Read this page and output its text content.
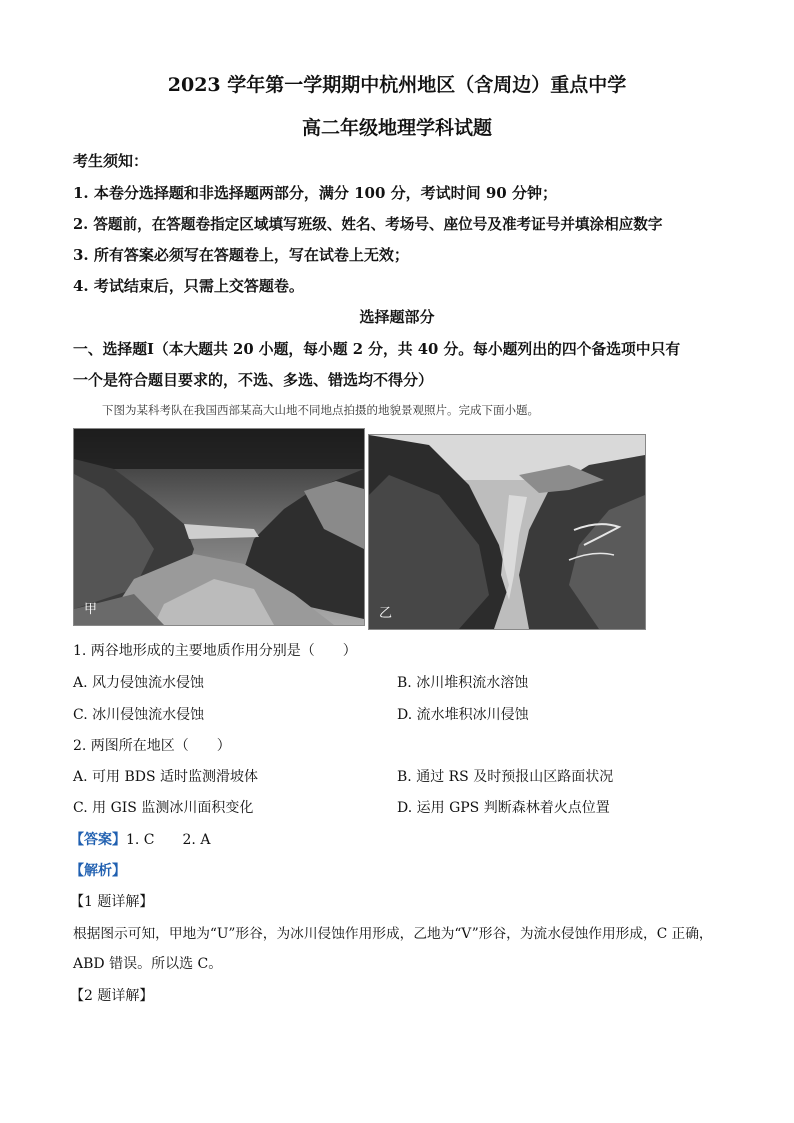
2023 学年第一学期期中杭州地区（含周边）重点中学
高二年级地理学科试题
考生须知：
1. 本卷分选择题和非选择题两部分，满分 100 分，考试时间 90 分钟；
2. 答题前，在答题卷指定区域填写班级、姓名、考场号、座位号及准考证号并填涂相应数字
3. 所有答案必须写在答题卷上，写在试卷上无效；
4. 考试结束后，只需上交答题卷。
选择题部分
一、选择题Ⅰ（本大题共 20 小题，每小题 2 分，共 40 分。每小题列出的四个备选项中只有
一个是符合题目要求的，不选、多选、错选均不得分）
下图为某科考队在我国西部某高大山地不同地点拍摄的地貌景观照片。完成下面小题。
甲	乙
1. 两谷地形成的主要地质作用分别是（　　）
A. 风力侵蚀流水侵蚀	B. 冰川堆积流水溶蚀
C. 冰川侵蚀流水侵蚀	D. 流水堆积冰川侵蚀
2. 两图所在地区（　　）
A. 可用 BDS 适时监测滑坡体	B. 通过 RS 及时预报山区路面状况
C. 用 GIS 监测冰川面积变化	D. 运用 GPS 判断森林着火点位置
【答案】1. C　　2. A
【解析】
【1 题详解】
根据图示可知，甲地为“U”形谷，为冰川侵蚀作用形成，乙地为“V”形谷，为流水侵蚀作用形成，C 正确，
ABD 错误。所以选 C。
【2 题详解】
